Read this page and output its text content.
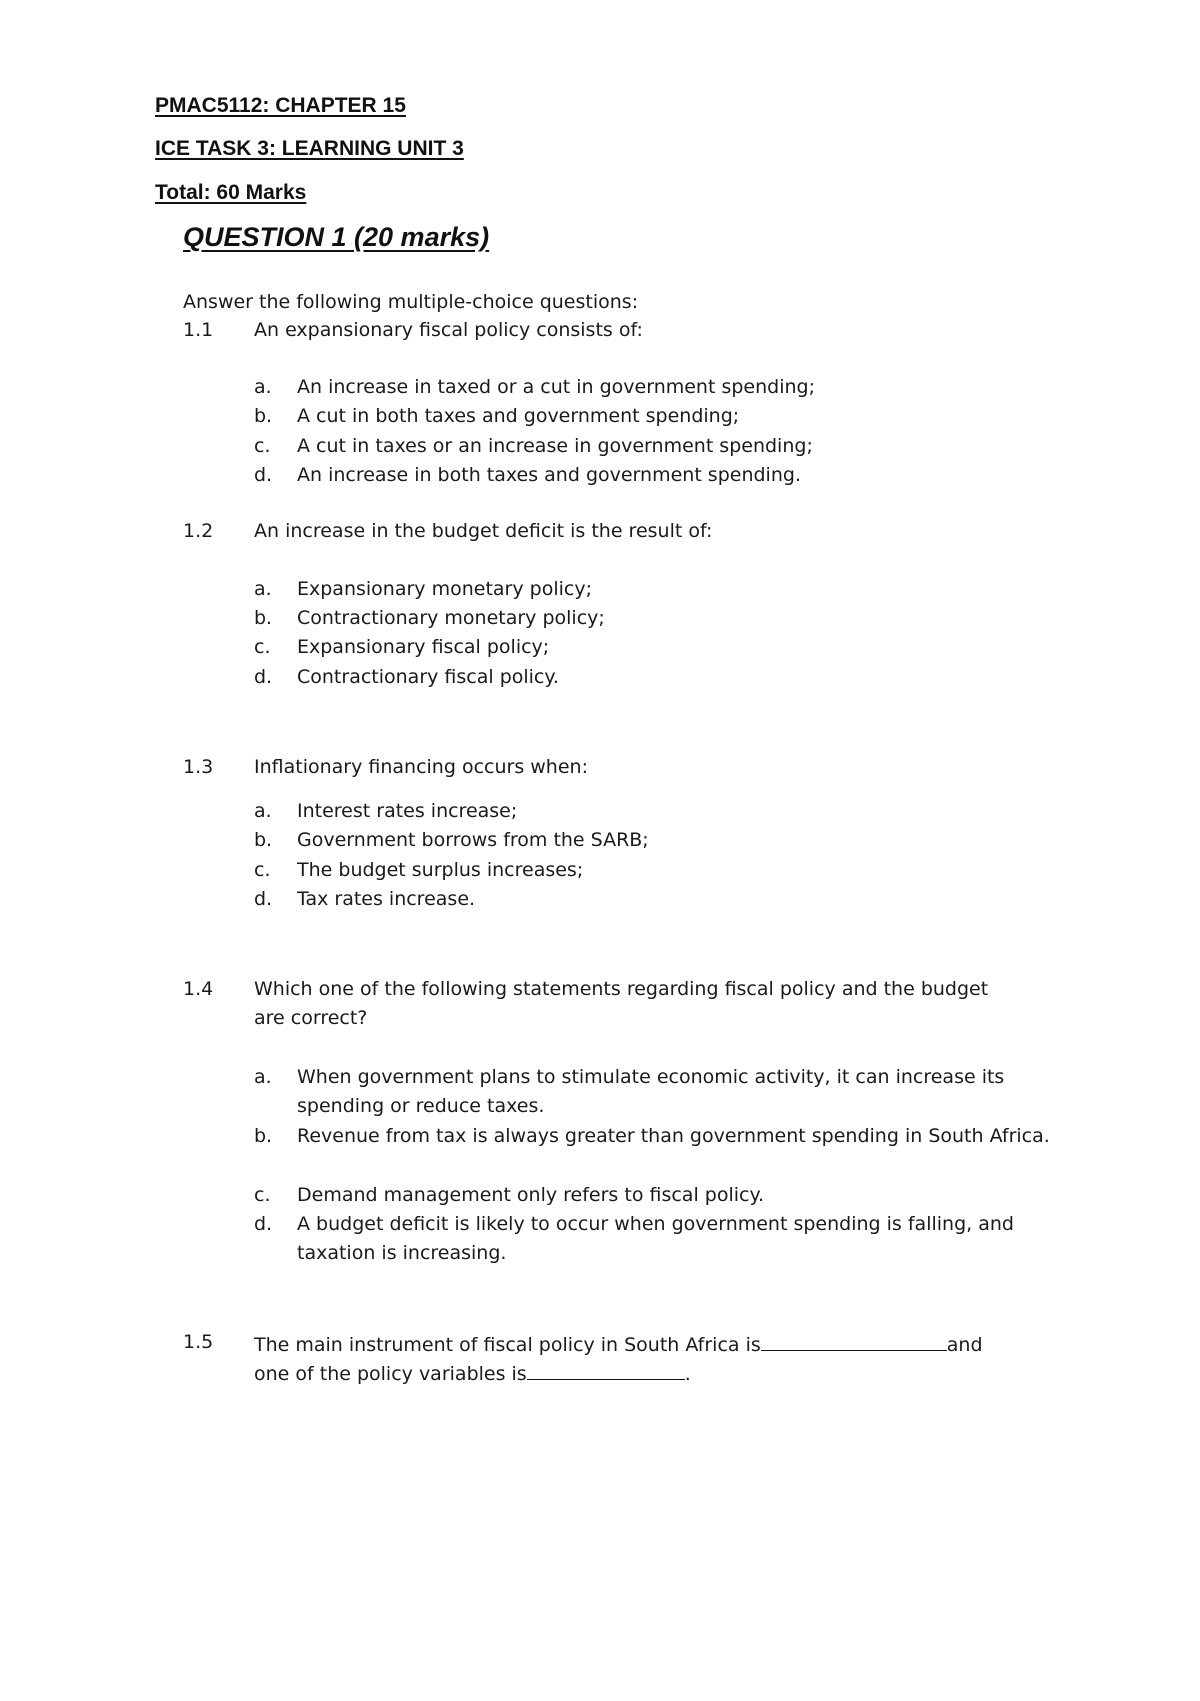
PMAC5112: CHAPTER 15
ICE TASK 3: LEARNING UNIT 3
Total: 60 Marks
QUESTION 1 (20 marks)
Answer the following multiple-choice questions:
1.1 An expansionary fiscal policy consists of:
a. An increase in taxed or a cut in government spending;
b. A cut in both taxes and government spending;
c. A cut in taxes or an increase in government spending;
d. An increase in both taxes and government spending.
1.2 An increase in the budget deficit is the result of:
a. Expansionary monetary policy;
b. Contractionary monetary policy;
c. Expansionary fiscal policy;
d. Contractionary fiscal policy.
1.3 Inflationary financing occurs when:
a. Interest rates increase;
b. Government borrows from the SARB;
c. The budget surplus increases;
d. Tax rates increase.
1.4 Which one of the following statements regarding fiscal policy and the budget
are correct?
a. When government plans to stimulate economic activity, it can increase its spending or reduce taxes.
b. Revenue from tax is always greater than government spending in South Africa.
c. Demand management only refers to fiscal policy.
d. A budget deficit is likely to occur when government spending is falling, and taxation is increasing.
1.5 The main instrument of fiscal policy in South Africa is	and
one of the policy variables is	.
